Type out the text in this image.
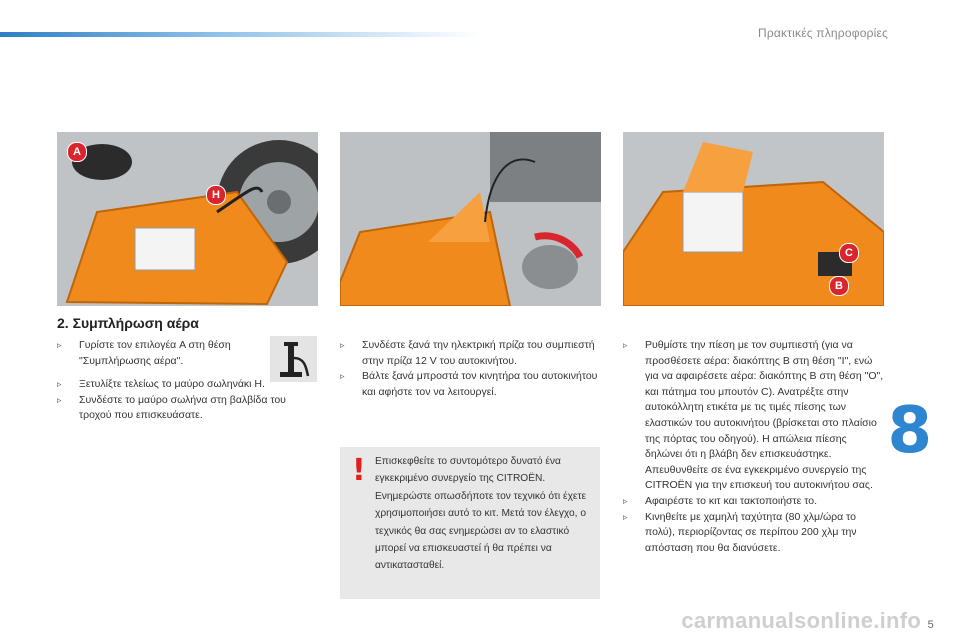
Πρακτικές πληροφορίες
8
A
H
C
B
2. Συμπλήρωση αέρα

▹	Γυρίστε τον επιλογέα A στη θέση "Συμπλήρωσης αέρα".

▹	Ξετυλίξτε τελείως το μαύρο σωληνάκι H.

▹	Συνδέστε το μαύρο σωλήνα στη βαλβίδα του τροχού που επισκευάσατε.

▹	Συνδέστε ξανά την ηλεκτρική πρίζα του συμπιεστή στην πρίζα 12 V του αυτοκινήτου.

▹	Βάλτε ξανά μπροστά τον κινητήρα του αυτοκινήτου και αφήστε τον να λειτουργεί.

! Επισκεφθείτε το συντομότερο δυνατό ένα εγκεκριμένο συνεργείο της CITROËN. Ενημερώστε οπωσδήποτε τον τεχνικό ότι έχετε χρησιμοποιήσει αυτό το κιτ. Μετά τον έλεγχο, ο τεχνικός θα σας ενημερώσει αν το ελαστικό μπορεί να επισκευαστεί ή θα πρέπει να αντικατασταθεί.

▹	Ρυθμίστε την πίεση με τον συμπιεστή (για να προσθέσετε αέρα: διακόπτης B στη θέση "I", ενώ για να αφαιρέσετε αέρα: διακόπτης B στη θέση "O", και πάτημα του μπουτόν C). Ανατρέξτε στην αυτοκόλλητη ετικέτα με τις τιμές πίεσης των ελαστικών του αυτοκινήτου (βρίσκεται στο πλαίσιο της πόρτας του οδηγού). Η απώλεια πίεσης δηλώνει ότι η βλάβη δεν επισκευάστηκε. Απευθυνθείτε σε ένα εγκεκριμένο συνεργείο της CITROËN για την επισκευή του αυτοκινήτου σας.

▹	Αφαιρέστε το κιτ και τακτοποιήστε το.

▹	Κινηθείτε με χαμηλή ταχύτητα (80 χλμ/ώρα το πολύ), περιορίζοντας σε περίπου 200 χλμ την απόσταση που θα διανύσετε.

carmanualsonline.info 5
